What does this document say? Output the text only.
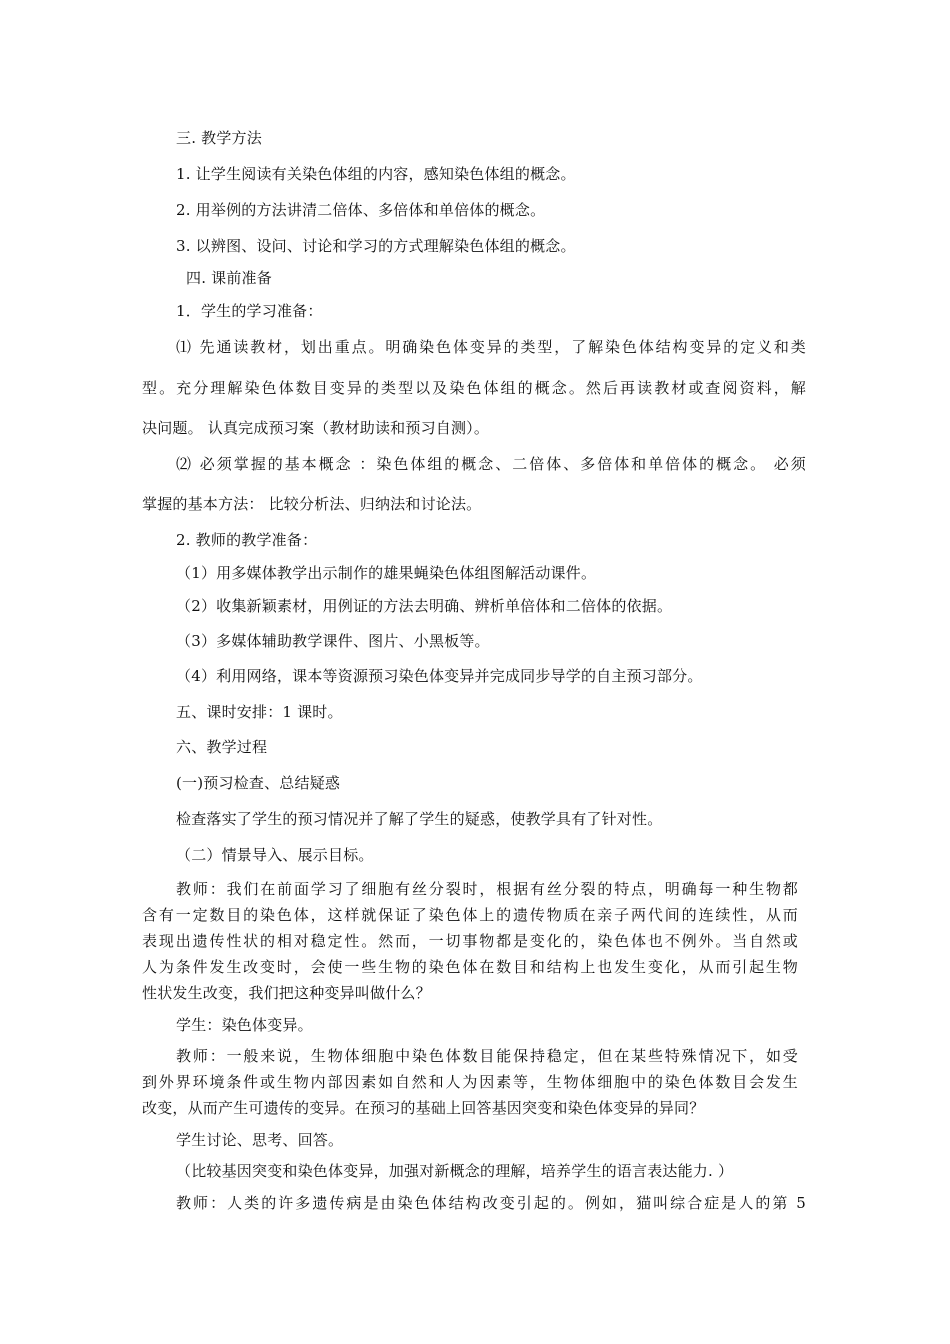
三. 教学方法
1. 让学生阅读有关染色体组的内容，感知染色体组的概念。
2. 用举例的方法讲清二倍体、多倍体和单倍体的概念。
3. 以辨图、设问、讨论和学习的方式理解染色体组的概念。
四. 课前准备
1．学生的学习准备：
⑴ 先通读教材，划出重点。明确染色体变异的类型，了解染色体结构变异的定义和类
型。充分理解染色体数目变异的类型以及染色体组的概念。然后再读教材或查阅资料，解
决问题。 认真完成预习案（教材助读和预习自测）。
⑵ 必须掌握的基本概念 ：染色体组的概念、二倍体、多倍体和单倍体的概念。 必须
掌握的基本方法： 比较分析法、归纳法和讨论法。
2. 教师的教学准备：
（1）用多媒体教学出示制作的雄果蝇染色体组图解活动课件。
（2）收集新颖素材，用例证的方法去明确、辨析单倍体和二倍体的依据。
（3）多媒体辅助教学课件、图片、小黑板等。
（4）利用网络，课本等资源预习染色体变异并完成同步导学的自主预习部分。
五、课时安排：1 课时。
六、教学过程
(一)预习检查、总结疑惑
检查落实了学生的预习情况并了解了学生的疑惑，使教学具有了针对性。
（二）情景导入、展示目标。
教师：我们在前面学习了细胞有丝分裂时，根据有丝分裂的特点，明确每一种生物都
含有一定数目的染色体，这样就保证了染色体上的遗传物质在亲子两代间的连续性，从而
表现出遗传性状的相对稳定性。然而，一切事物都是变化的，染色体也不例外。当自然或
人为条件发生改变时，会使一些生物的染色体在数目和结构上也发生变化，从而引起生物
性状发生改变，我们把这种变异叫做什么？
学生：染色体变异。
教师：一般来说，生物体细胞中染色体数目能保持稳定，但在某些特殊情况下，如受
到外界环境条件或生物内部因素如自然和人为因素等，生物体细胞中的染色体数目会发生
改变，从而产生可遗传的变异。在预习的基础上回答基因突变和染色体变异的异同？
学生讨论、思考、回答。
（比较基因突变和染色体变异，加强对新概念的理解，培养学生的语言表达能力. ）
教师：人类的许多遗传病是由染色体结构改变引起的。例如，猫叫综合症是人的第 5
